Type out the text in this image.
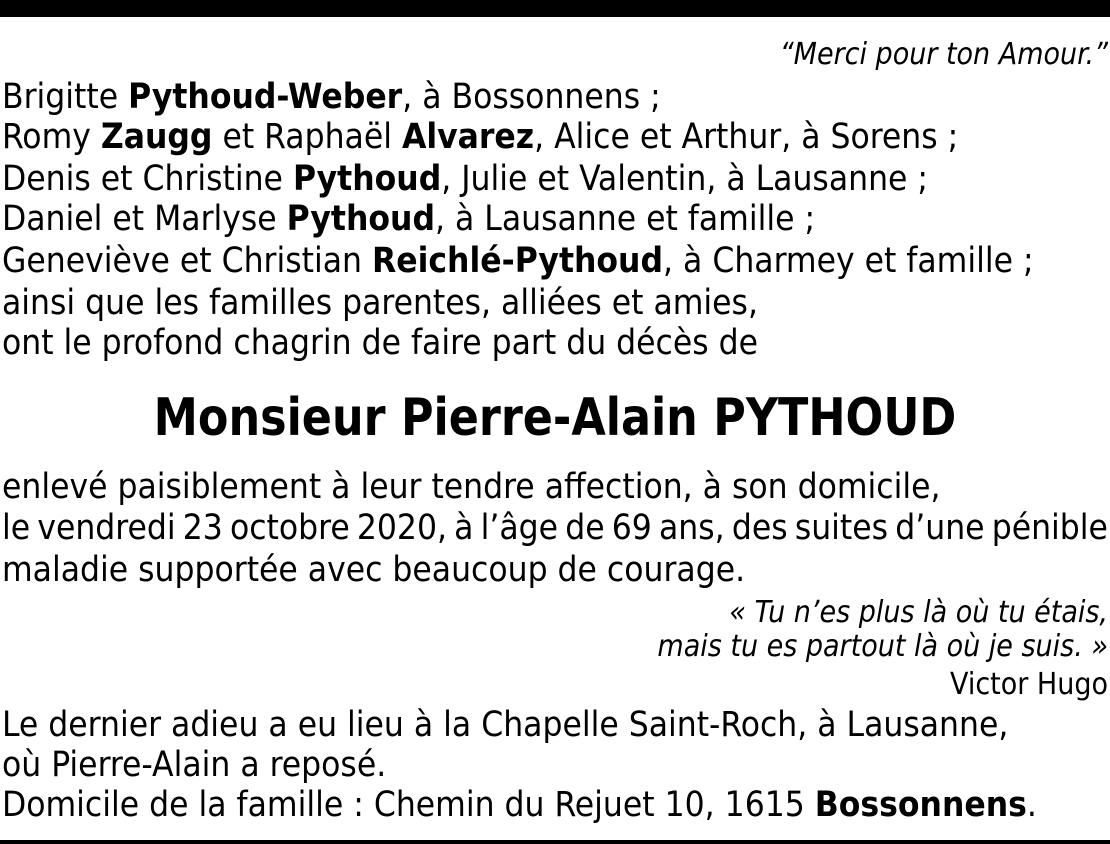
“Merci pour ton Amour.”
Brigitte Pythoud-Weber, à Bossonnens ;
Romy Zaugg et Raphaël Alvarez, Alice et Arthur, à Sorens ;
Denis et Christine Pythoud, Julie et Valentin, à Lausanne ;
Daniel et Marlyse Pythoud, à Lausanne et famille ;
Geneviève et Christian Reichlé-Pythoud, à Charmey et famille ;
ainsi que les familles parentes, alliées et amies,
ont le profond chagrin de faire part du décès de
Monsieur Pierre-Alain PYTHOUD
enlevé paisiblement à leur tendre affection, à son domicile,
le vendredi 23 octobre 2020, à l’âge de 69 ans, des suites d’une pénible
maladie supportée avec beaucoup de courage.
« Tu n’es plus là où tu étais,
mais tu es partout là où je suis. »
Victor Hugo
Le dernier adieu a eu lieu à la Chapelle Saint-Roch, à Lausanne,
où Pierre-Alain a reposé.
Domicile de la famille : Chemin du Rejuet 10, 1615 Bossonnens.
